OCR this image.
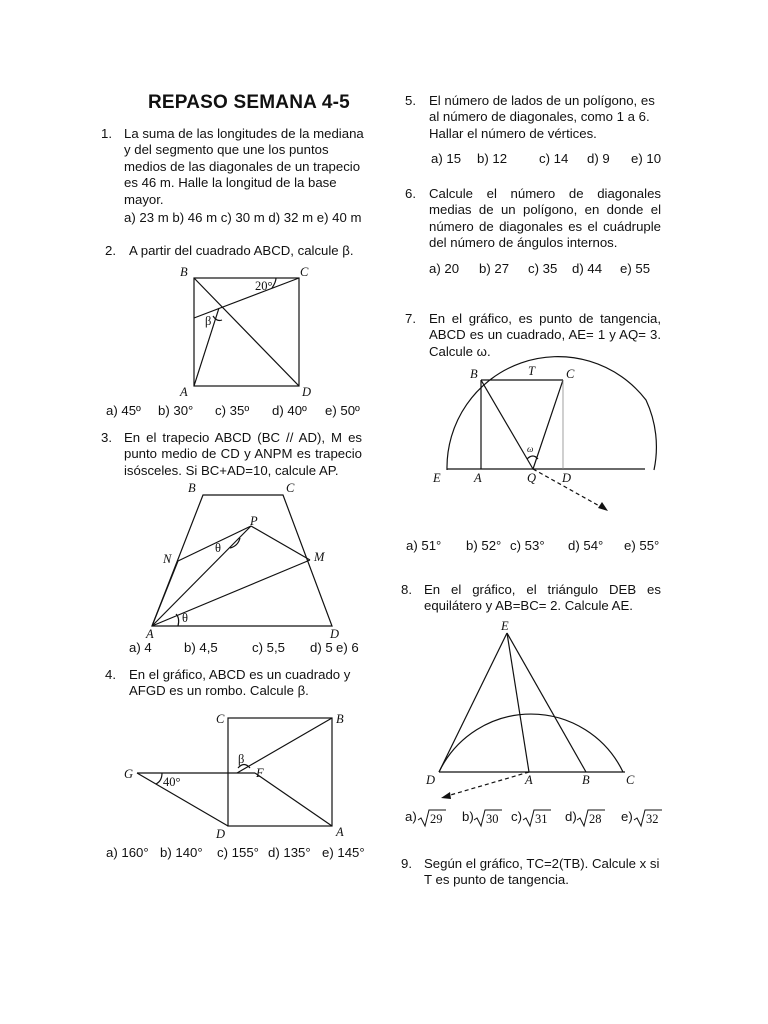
REPASO SEMANA 4-5
1. La suma de las longitudes de la mediana y del segmento que une los puntos medios de las diagonales de un trapecio es 46 m. Halle la longitud de la base mayor.
a) 23 m b) 46 m c) 30 m d) 32 m e) 40 m
2. A partir del cuadrado ABCD, calcule β.
B	C
A	D
20°
β
a) 45º b) 30° c) 35º d) 40º e) 50º
3. En el trapecio ABCD (BC // AD), M es punto medio de CD y ANPM es trapecio isósceles. Si BC+AD=10, calcule AP.
B	C
A	D
N
P
M
θ
θ
a) 4 b) 4,5	c) 5,5 d) 5 e) 6
4. En el gráfico, ABCD es un cuadrado y AFGD es un rombo. Calcule β.
C	B
G	F
D	A
40°
β
a) 160° b) 140° c) 155° d) 135° e) 145°
5. El número de lados de un polígono, es al número de diagonales, como 1 a 6. Hallar el número de vértices.
a) 15 b) 12 c) 14 d) 9 e) 10
6. Calcule el número de diagonales medias de un polígono, en donde el número de diagonales es el cuádruple del número de ángulos internos.
a) 20 b) 27 c) 35 d) 44 e) 55
7. En el gráfico, es punto de tangencia, ABCD es un cuadrado, AE= 1 y AQ= 3. Calcule ω.
B	T C
E	A	Q D
ω
a) 51° b) 52° c) 53° d) 54° e) 55°
8. En el gráfico, el triángulo DEB es equilátero y AB=BC= 2. Calcule AE.
E
D	A	B	C
29	30	31	28	32
a)	b)	c)	d)	e)
9. Según el gráfico, TC=2(TB). Calcule x si T es punto de tangencia.
